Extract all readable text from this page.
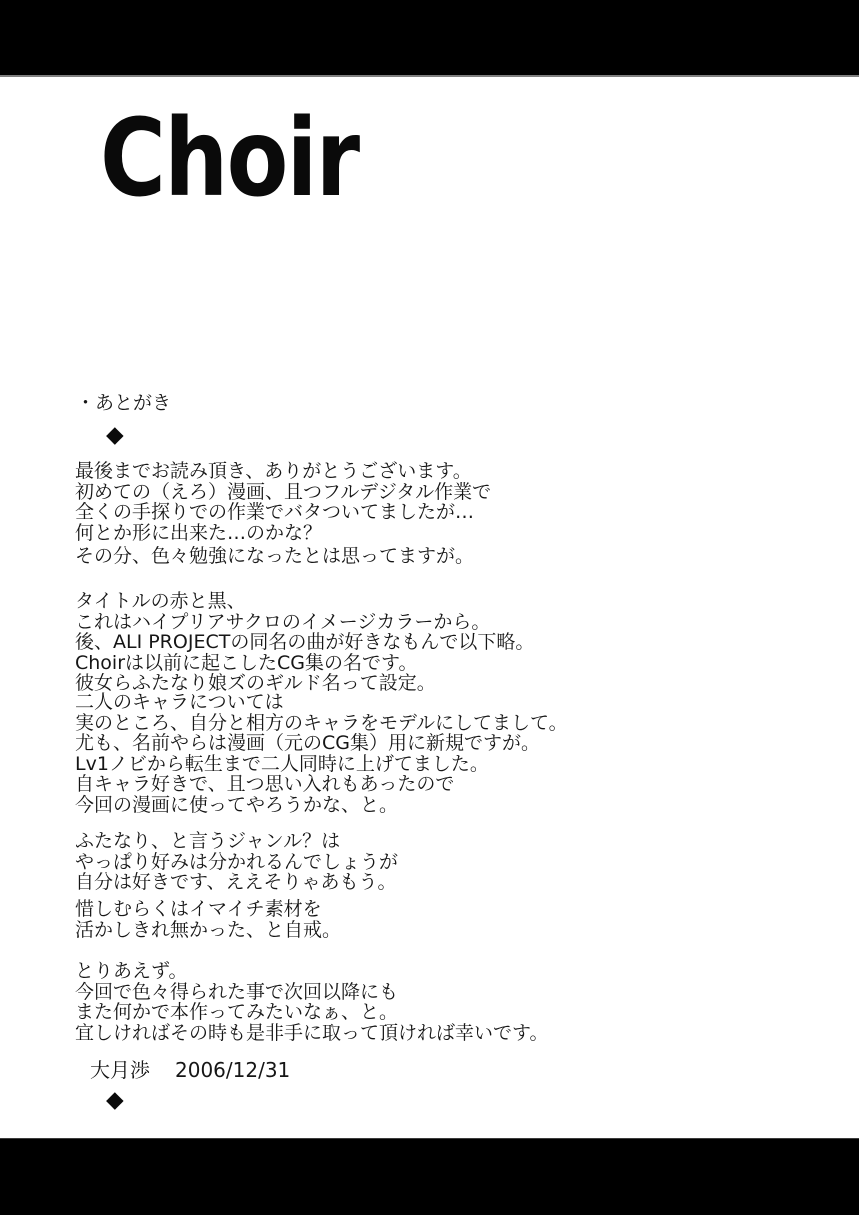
Choir
・あとがき
◆

最後までお読み頂き、ありがとうございます。
初めての（えろ）漫画、且つフルデジタル作業で
全くの手探りでの作業でバタついてましたが…
何とか形に出来た…のかな？

その分、色々勉強になったとは思ってますが。

タイトルの赤と黒、
これはハイプリアサクロのイメージカラーから。
後、ALI PROJECTの同名の曲が好きなもんで以下略。
Choirは以前に起こしたCG集の名です。
彼女らふたなり娘ズのギルド名って設定。

二人のキャラについては
実のところ、自分と相方のキャラをモデルにしてまして。
尤も、名前やらは漫画（元のCG集）用に新規ですが。
Lv1ノビから転生まで二人同時に上げてました。
自キャラ好きで、且つ思い入れもあったので
今回の漫画に使ってやろうかな、と。

ふたなり、と言うジャンル？は
やっぱり好みは分かれるんでしょうが
自分は好きです、ええそりゃあもう。

惜しむらくはイマイチ素材を
活かしきれ無かった、と自戒。

とりあえず。
今回で色々得られた事で次回以降にも
また何かで本作ってみたいなぁ、と。
宜しければその時も是非手に取って頂ければ幸いです。

大月渉 2006/12/31
◆
